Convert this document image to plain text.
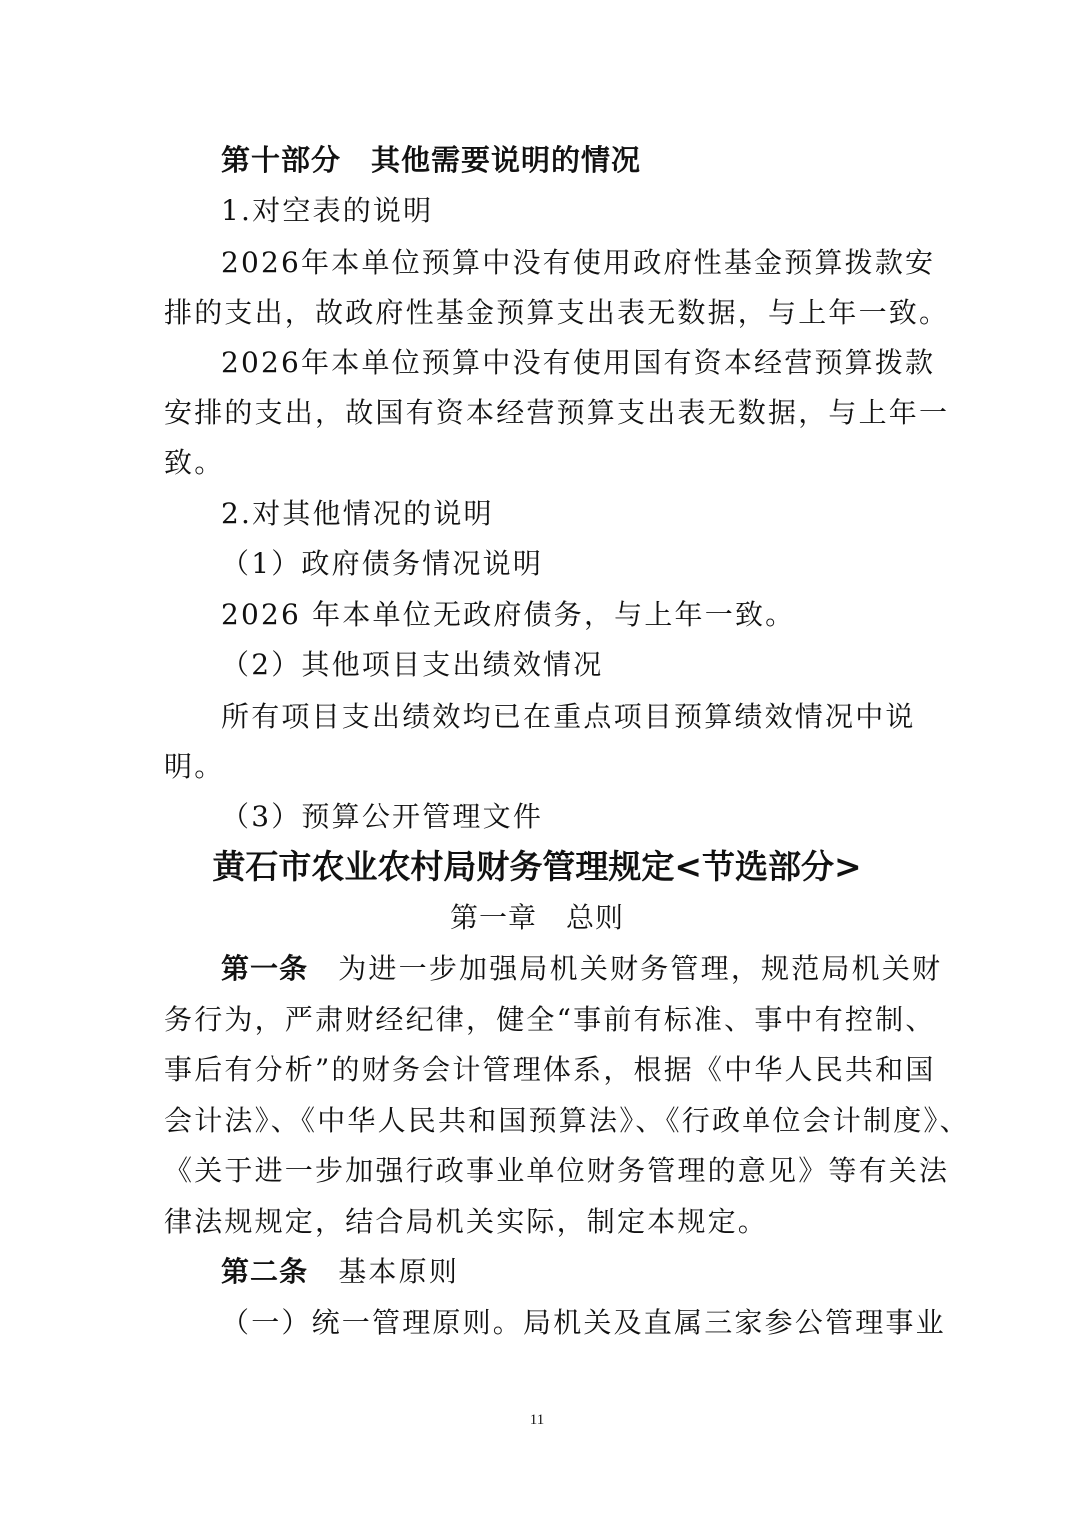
第十部分　其他需要说明的情况
1.对空表的说明
2026年本单位预算中没有使用政府性基金预算拨款安
排的支出，故政府性基金预算支出表无数据，与上年一致。
2026年本单位预算中没有使用国有资本经营预算拨款
安排的支出，故国有资本经营预算支出表无数据，与上年一
致。
2.对其他情况的说明
（1）政府债务情况说明
2026 年本单位无政府债务，与上年一致。
（2）其他项目支出绩效情况
所有项目支出绩效均已在重点项目预算绩效情况中说
明。
（3）预算公开管理文件
黄石市农业农村局财务管理规定<节选部分>
第一章　总则
第一条　 为进一步加强局机关财务管理，规范局机关财
务行为，严肃财经纪律，健全“事前有标准、事中有控制、
事后有分析”的财务会计管理体系，根据《中华人民共和国
会计法》、《中华人民共和国预算法》、《行政单位会计制度》、
《关于进一步加强行政事业单位财务管理的意见》等有关法
律法规规定，结合局机关实际，制定本规定。
第二条　 基本原则
（一）统一管理原则。局机关及直属三家参公管理事业
11
